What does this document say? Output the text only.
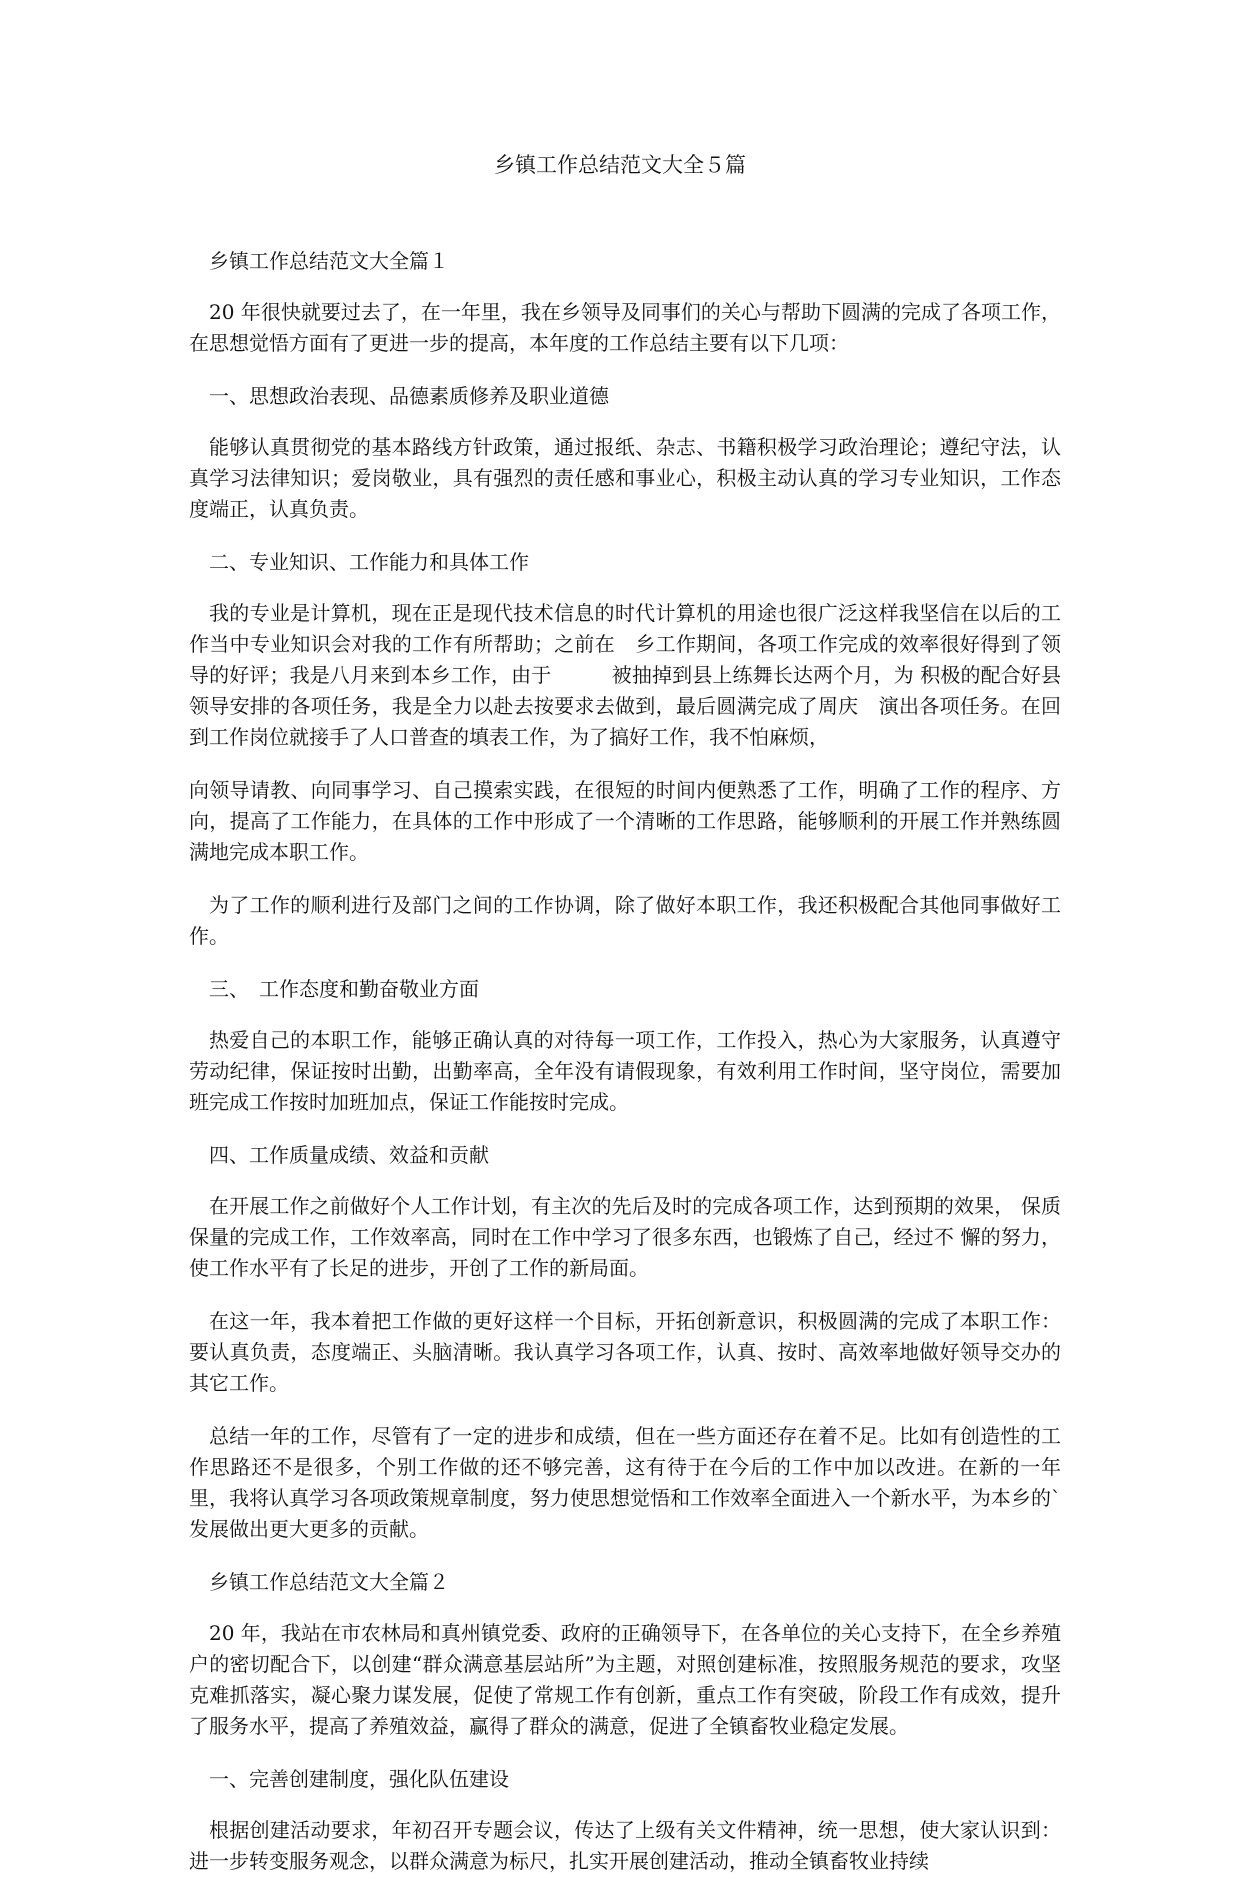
乡镇工作总结范文大全５篇
乡镇工作总结范文大全篇１
20 年很快就要过去了，在一年里，我在乡领导及同事们的关心与帮助下圆满的完成了各项工作，在思想觉悟方面有了更进一步的提高，本年度的工作总结主要有以下几项：
一、思想政治表现、品德素质修养及职业道德
能够认真贯彻党的基本路线方针政策，通过报纸、杂志、书籍积极学习政治理论；遵纪守法，认真学习法律知识；爱岗敬业，具有强烈的责任感和事业心，积极主动认真的学习专业知识，工作态度端正，认真负责。
二、专业知识、工作能力和具体工作
我的专业是计算机，现在正是现代技术信息的时代计算机的用途也很广泛这样我坚信在以后的工作当中专业知识会对我的工作有所帮助；之前在　乡工作期间，各项工作完成的效率很好得到了领导的好评；我是八月来到本乡工作，由于　　　被抽掉到县上练舞长达两个月，为 积极的配合好县领导安排的各项任务，我是全力以赴去按要求去做到，最后圆满完成了周庆　演出各项任务。在回到工作岗位就接手了人口普查的填表工作，为了搞好工作，我不怕麻烦，
向领导请教、向同事学习、自己摸索实践，在很短的时间内便熟悉了工作，明确了工作的程序、方向，提高了工作能力，在具体的工作中形成了一个清晰的工作思路，能够顺利的开展工作并熟练圆满地完成本职工作。
为了工作的顺利进行及部门之间的工作协调，除了做好本职工作，我还积极配合其他同事做好工作。
三、　工作态度和勤奋敬业方面
热爱自己的本职工作，能够正确认真的对待每一项工作，工作投入，热心为大家服务，认真遵守劳动纪律，保证按时出勤，出勤率高，全年没有请假现象，有效利用工作时间，坚守岗位，需要加班完成工作按时加班加点，保证工作能按时完成。
四、工作质量成绩、效益和贡献
在开展工作之前做好个人工作计划，有主次的先后及时的完成各项工作，达到预期的效果， 保质保量的完成工作，工作效率高，同时在工作中学习了很多东西，也锻炼了自己，经过不 懈的努力，使工作水平有了长足的进步，开创了工作的新局面。
在这一年，我本着把工作做的更好这样一个目标，开拓创新意识，积极圆满的完成了本职工作：要认真负责，态度端正、头脑清晰。我认真学习各项工作，认真、按时、高效率地做好领导交办的其它工作。
总结一年的工作，尽管有了一定的进步和成绩，但在一些方面还存在着不足。比如有创造性的工作思路还不是很多，个别工作做的还不够完善，这有待于在今后的工作中加以改进。在新的一年里，我将认真学习各项政策规章制度，努力使思想觉悟和工作效率全面进入一个新水平，为本乡的`发展做出更大更多的贡献。
乡镇工作总结范文大全篇２
20 年，我站在市农林局和真州镇党委、政府的正确领导下，在各单位的关心支持下，在全乡养殖户的密切配合下，以创建“群众满意基层站所”为主题，对照创建标准，按照服务规范的要求，攻坚克难抓落实，凝心聚力谋发展，促使了常规工作有创新，重点工作有突破，阶段工作有成效，提升了服务水平，提高了养殖效益，赢得了群众的满意，促进了全镇畜牧业稳定发展。
一、完善创建制度，强化队伍建设
根据创建活动要求，年初召开专题会议，传达了上级有关文件精神，统一思想，使大家认识到：进一步转变服务观念，以群众满意为标尺，扎实开展创建活动，推动全镇畜牧业持续
